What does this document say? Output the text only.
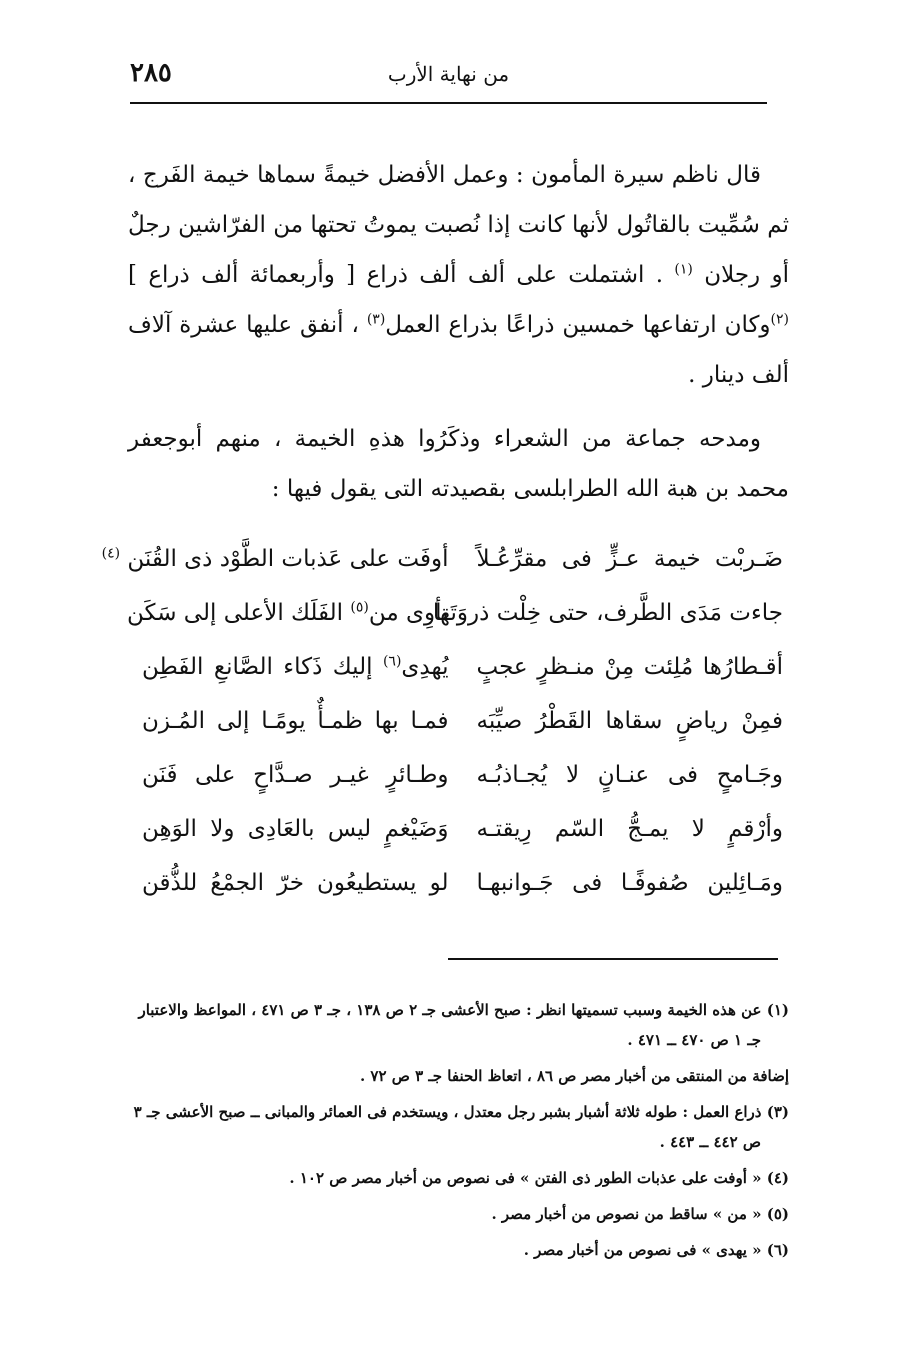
٢٨٥	من نهاية الأرب

قال ناظم سيرة المأمون : وعمل الأفضل خيمةً سماها خيمة الفَرج ، ثم سُمِّيت بالقاتُول لأنها كانت إذا نُصبت يموتُ تحتها من الفرّاشين رجلٌ أو رجلان $^{(١)}$ . اشتملت على ألف ألف ذراع [ وأربعمائة ألف ذراع ] $^{(٢)}$وكان ارتفاعها خمسين ذراعًا بذراع العمل$^{(٣)}$ ، أنفق عليها عشرة آلاف ألف دينار .

ومدحه جماعة من الشعراء وذكَرُوا هذهِ الخيمة ، منهم أبوجعفر محمد بن هبة الله الطرابلسى بقصيدته التى يقول فيها :

ضَـربْت خيمة عـزٍّ فى مقرِّعُـلاً
أوفَت على عَذبات الطَّوْد ذى القُنَن $^{(٤)}$
جاءت مَدَى الطَّرف، حتى خِلْت ذروَتَها
تأوِى من$^{(٥)}$ الفَلَك الأعلى إلى سَكَن
أقـطارُها مُلِئت مِنْ منـظرٍ عجبٍ
يُهدِى$^{(٦)}$ إليك ذَكاء الصَّانعِ الفَطِن
فمِنْ رياضٍ سقاها القَطْرُ صيِّبَه
فمـا بها ظمـأٌ يومًـا إلى المُـزن
وجَـامحٍ فى عنـانٍ لا يُجـاذبُـه
وطـائرٍ غيـر صـدَّاحٍ على فَنَن
وأرْقمٍ لا يمـجُّ السّم رِيقتـه
وَضَيْغمٍ ليس بالعَادِى ولا الوَهِن
ومَـائِلين صُفوفًـا فى جَـوانبهـا
لو يستطيعُون خرّ الجمْعُ للذُّقن

(١) عن هذه الخيمة وسبب تسميتها انظر : صبح الأعشى جـ ٢ ص ١٣٨ ، جـ ٣ ص ٤٧١ ، المواعظ والاعتبار جـ ١ ص ٤٧٠ ــ ٤٧١ .

إضافة من المنتقى من أخبار مصر ص ٨٦ ، اتعاظ الحنفا جـ ٣ ص ٧٢ .

(٣) ذراع العمل : طوله ثلاثة أشبار بشبر رجل معتدل ، ويستخدم فى العمائر والمبانى ــ صبح الأعشى جـ ٣ ص ٤٤٢ ــ ٤٤٣ .

(٤) « أوفت على عذبات الطور ذى الفتن » فى نصوص من أخبار مصر ص ١٠٢ .

(٥) « من » ساقط من نصوص من أخبار مصر .

(٦) « يهدى » فى نصوص من أخبار مصر .
